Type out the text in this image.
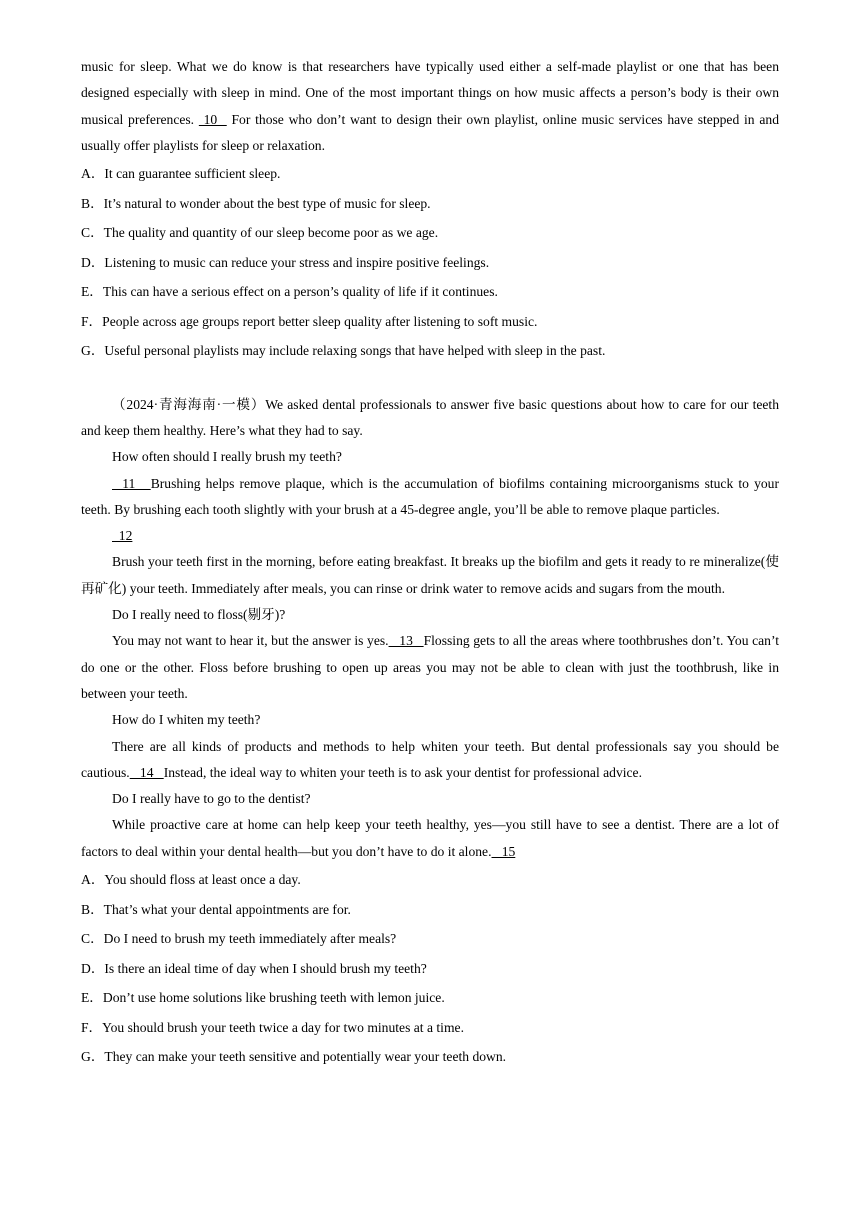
music for sleep. What we do know is that researchers have typically used either a self-made playlist or one that has been designed especially with sleep in mind. One of the most important things on how music affects a person’s body is their own musical preferences.  10   For those who don’t want to design their own playlist, online music services have stepped in and usually offer playlists for sleep or relaxation.

A．It can guarantee sufficient sleep.

B．It’s natural to wonder about the best type of music for sleep.

C．The quality and quantity of our sleep become poor as we age.

D．Listening to music can reduce your stress and inspire positive feelings.

E．This can have a serious effect on a person’s quality of life if it continues.

F．People across age groups report better sleep quality after listening to soft music.

G．Useful personal playlists may include relaxing songs that have helped with sleep in the past.

（2024·青海海南·一模）We asked dental professionals to answer five basic questions about how to care for our teeth and keep them healthy. Here’s what they had to say.

How often should I really brush my teeth?

11   Brushing helps remove plaque, which is the accumulation of biofilms containing microorganisms stuck to your teeth. By brushing each tooth slightly with your brush at a 45-degree angle, you’ll be able to remove plaque particles.

12

Brush your teeth first in the morning, before eating breakfast. It breaks up the biofilm and gets it ready to re mineralize(使再矿化) your teeth. Immediately after meals, you can rinse or drink water to remove acids and sugars from the mouth.

Do I really need to floss(剔牙)?

You may not want to hear it, but the answer is yes.   13   Flossing gets to all the areas where toothbrushes don’t. You can’t do one or the other. Floss before brushing to open up areas you may not be able to clean with just the toothbrush, like in between your teeth.

How do I whiten my teeth?

There are all kinds of products and methods to help whiten your teeth. But dental professionals say you should be cautious.   14   Instead, the ideal way to whiten your teeth is to ask your dentist for professional advice.

Do I really have to go to the dentist?

While proactive care at home can help keep your teeth healthy, yes—you still have to see a dentist. There are a lot of factors to deal within your dental health—but you don’t have to do it alone.   15

A．You should floss at least once a day.

B．That’s what your dental appointments are for.

C．Do I need to brush my teeth immediately after meals?

D．Is there an ideal time of day when I should brush my teeth?

E．Don’t use home solutions like brushing teeth with lemon juice.

F．You should brush your teeth twice a day for two minutes at a time.

G．They can make your teeth sensitive and potentially wear your teeth down.
